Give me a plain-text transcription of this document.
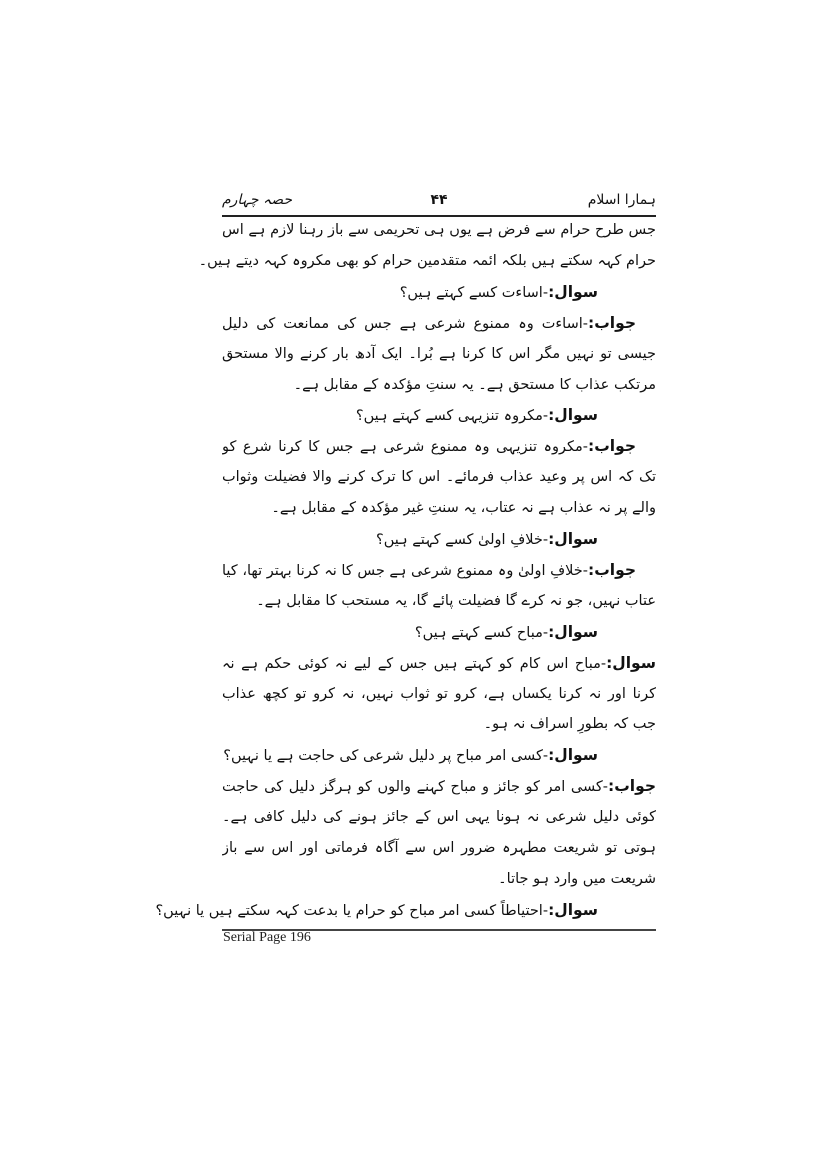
ہمارا اسلام
۴۴
حصہ چہارم
جس طرح حرام سے فرض ہے یوں ہی تحریمی سے باز رہنا لازم ہے اس
حرام کہہ سکتے ہیں بلکہ ائمہ متقدمین حرام کو بھی مکروہ کہہ دیتے ہیں۔
سوال:-اساءت کسے کہتے ہیں؟
جواب:-اساءت وہ ممنوع شرعی ہے جس کی ممانعت کی دلیل
جیسی تو نہیں مگر اس کا کرنا ہے بُرا۔ ایک آدھ بار کرنے والا مستحق
مرتکب عذاب کا مستحق ہے۔ یہ سنتِ مؤکدہ کے مقابل ہے۔
سوال:-مکروہ تنزیہی کسے کہتے ہیں؟
جواب:-مکروہ تنزیہی وہ ممنوع شرعی ہے جس کا کرنا شرع کو
تک کہ اس پر وعید عذاب فرمائے۔ اس کا ترک کرنے والا فضیلت وثواب
والے پر نہ عذاب ہے نہ عتاب، یہ سنتِ غیر مؤکدہ کے مقابل ہے۔
سوال:-خلافِ اولیٰ کسے کہتے ہیں؟
جواب:-خلافِ اولیٰ وہ ممنوع شرعی ہے جس کا نہ کرنا بہتر تھا، کیا
عتاب نہیں، جو نہ کرے گا فضیلت پائے گا، یہ مستحب کا مقابل ہے۔
سوال:-مباح کسے کہتے ہیں؟
سوال:-مباح اس کام کو کہتے ہیں جس کے لیے نہ کوئی حکم ہے نہ
کرنا اور نہ کرنا یکساں ہے، کرو تو ثواب نہیں، نہ کرو تو کچھ عذاب
جب کہ بطورِ اسراف نہ ہو۔
سوال:-کسی امر مباح پر دلیل شرعی کی حاجت ہے یا نہیں؟
جواب:-کسی امر کو جائز و مباح کہنے والوں کو ہرگز دلیل کی حاجت
کوئی دلیل شرعی نہ ہونا یہی اس کے جائز ہونے کی دلیل کافی ہے۔
ہوتی تو شریعت مطہرہ ضرور اس سے آگاہ فرماتی اور اس سے باز
شریعت میں وارد ہو جاتا۔
سوال:-احتیاطاً کسی امر مباح کو حرام یا بدعت کہہ سکتے ہیں یا نہیں؟
Serial Page 196
